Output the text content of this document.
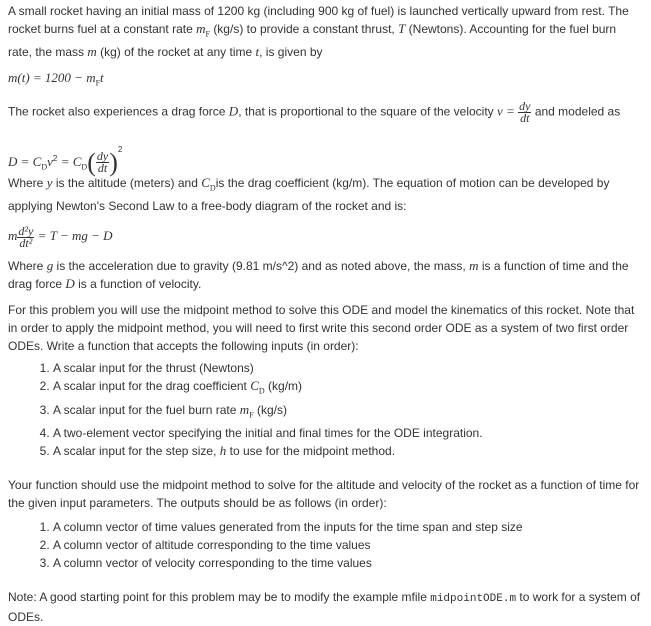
A small rocket having an initial mass of 1200 kg (including 900 kg of fuel) is launched vertically upward from rest. The rocket burns fuel at a constant rate $m_F$ (kg/s) to provide a constant thrust, T (Newtons). Accounting for the fuel burn rate, the mass m (kg) of the rocket at any time t, is given by

$m(t) = 1200 - m_Ft$

The rocket also experiences a drag force D, that is proportional to the square of the velocity $v = \frac{dy}{dt}$ and modeled as

$D = C_Dv^2 = C_D( \frac{dy}{dt} )^2$

Where y is the altitude (meters) and $C_Dis$ the drag coefficient (kg/m). The equation of motion can be developed by applying Newton's Second Law to a free-body diagram of the rocket and is:

m $\frac{\text{d²y}}{\text{dt²}} = T$ − mg − D

Where g is the acceleration due to gravity (9.81 m/s^2) and as noted above, the mass, m is a function of time and the drag force D is a function of velocity.

For this problem you will use the midpoint method to solve this ODE and model the kinematics of this rocket. Note that in order to apply the midpoint method, you will need to first write this second order ODE as a system of two first order ODEs. Write a function that accepts the following inputs (in order):

1. A scalar input for the thrust (Newtons)
2. A scalar input for the drag coefficient $C_D$ (kg/m)
3. A scalar input for the fuel burn rate $m_F$ (kg/s)
4. A two-element vector specifying the initial and final times for the ODE integration.
5. A scalar input for the step size, h to use for the midpoint method.

Your function should use the midpoint method to solve for the altitude and velocity of the rocket as a function of time for the given input parameters. The outputs should be as follows (in order):

1. A column vector of time values generated from the inputs for the time span and step size
2. A column vector of altitude corresponding to the time values
3. A column vector of velocity corresponding to the time values

Note: A good starting point for this problem may be to modify the example mfile midpointODE.m to work for a system of ODEs.
